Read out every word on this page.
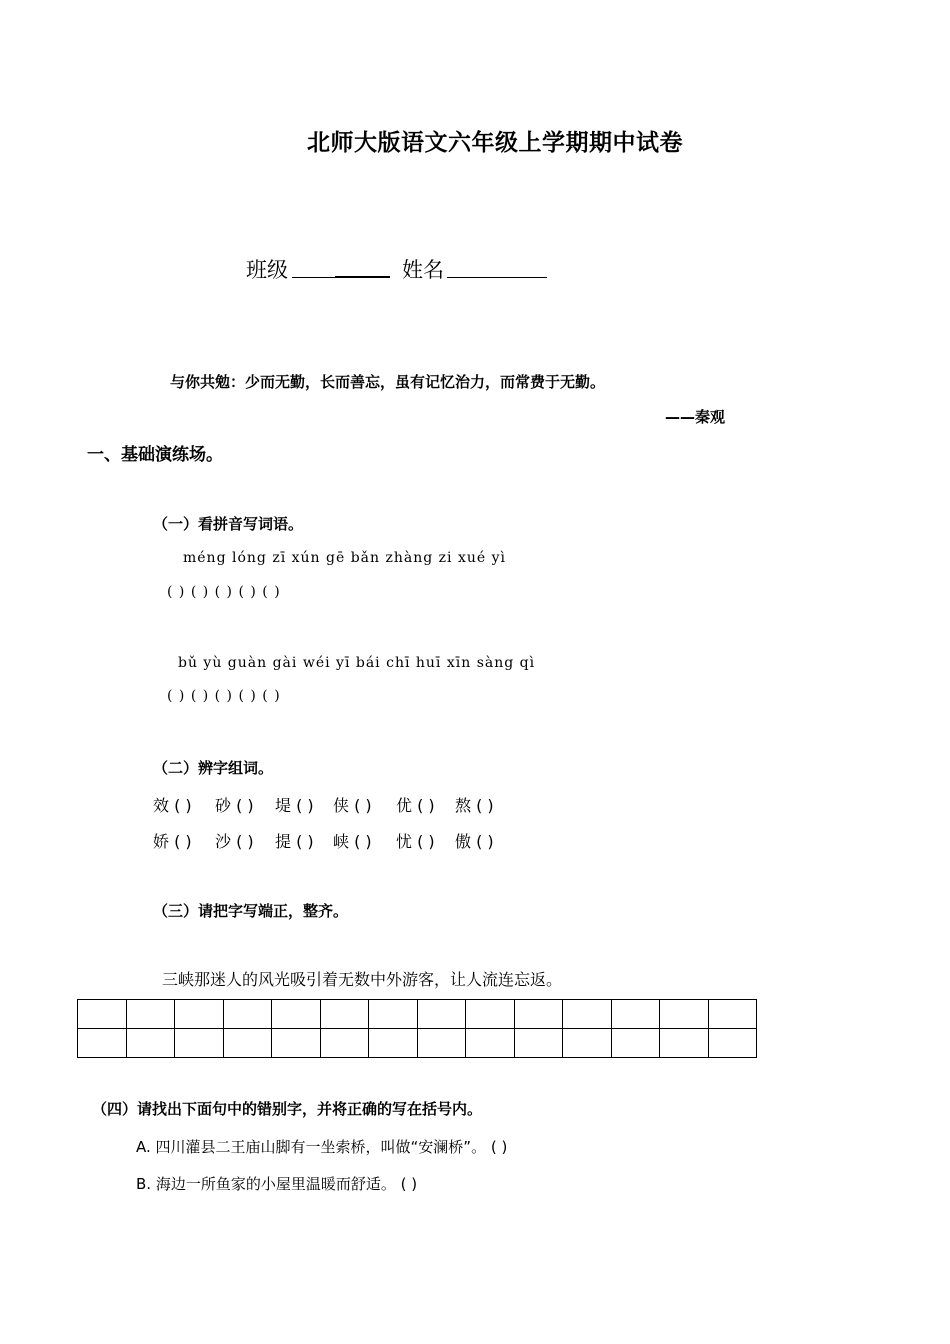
北师大版语文六年级上学期期中试卷
班级	姓名
与你共勉：少而无勤，长而善忘，虽有记忆治力，而常费于无勤。
——秦观
一、基础演练场。
（一）看拼音写词语。
méng lóng zī xún gē bǎn zhàng zi xué yì
( ) ( ) ( ) ( ) ( )
bǔ yù guàn gài wéi yī bái chī huī xīn sàng qì
( ) ( ) ( ) ( ) ( )
（二）辨字组词。
效 ( ) 砂 ( ) 堤 ( ) 侠 ( ) 优 ( ) 熬 ( )
娇 ( ) 沙 ( ) 提 ( ) 峡 ( ) 忧 ( ) 傲 ( )
（三）请把字写端正，整齐。
三峡那迷人的风光吸引着无数中外游客，让人流连忘返。

（四）请找出下面句中的错别字，并将正确的写在括号内。
A. 四川灌县二王庙山脚有一坐索桥，叫做“安澜桥”。 ( )
B. 海边一所鱼家的小屋里温暖而舒适。 ( )
